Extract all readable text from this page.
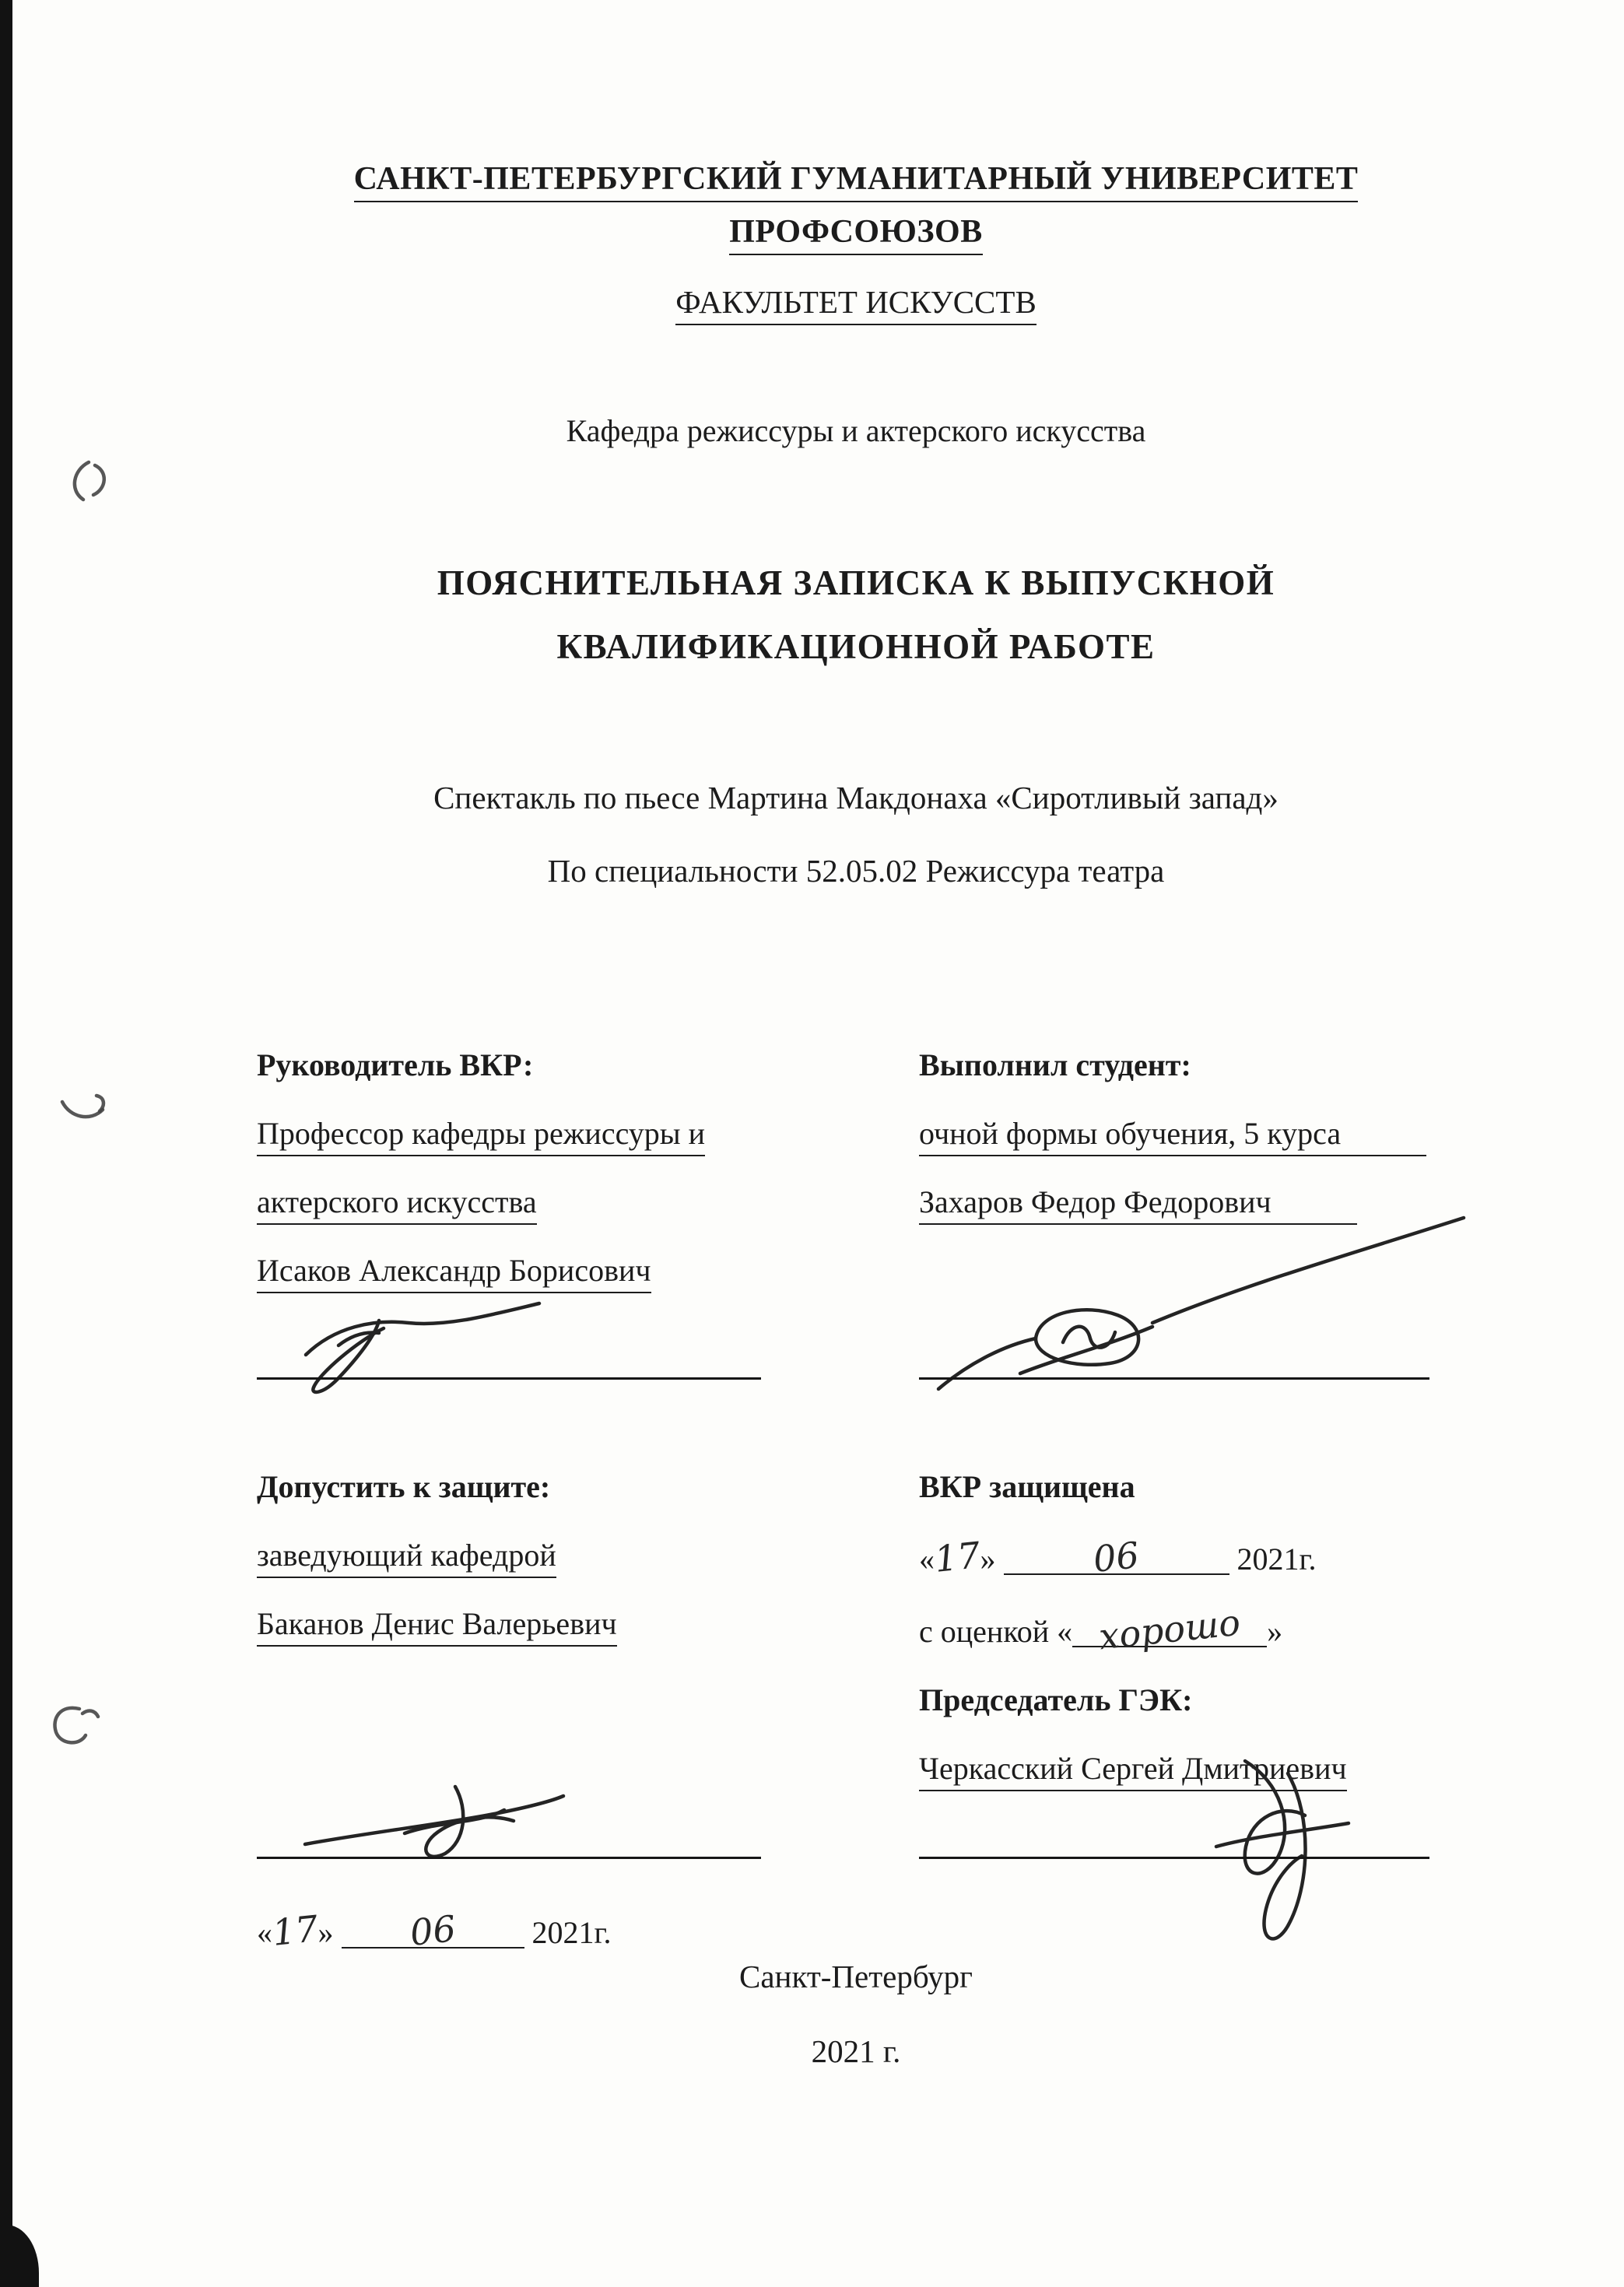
САНКТ-ПЕТЕРБУРГСКИЙ ГУМАНИТАРНЫЙ УНИВЕРСИТЕТ
ПРОФСОЮЗОВ
ФАКУЛЬТЕТ ИСКУССТВ
Кафедра режиссуры и актерского искусства
ПОЯСНИТЕЛЬНАЯ ЗАПИСКА К ВЫПУСКНОЙ
КВАЛИФИКАЦИОННОЙ РАБОТЕ
Спектакль по пьесе Мартина Макдонаха «Сиротливый запад»
По специальности 52.05.02 Режиссура театра

Руководитель ВКР:

Профессор кафедры режиссуры и

актерского искусства

Исаков Александр Борисович

Выполнил студент:

очной формы обучения, 5 курса

Захаров Федор Федорович

Допустить к защите:

заведующий кафедрой

Баканов Денис Валерьевич

ВКР защищена

«17»	06	2021г.

с оценкой « хорошо »

Председатель ГЭК:

Черкасский Сергей Дмитриевич

«17» 06 2021г.

Санкт-Петербург
2021 г.
